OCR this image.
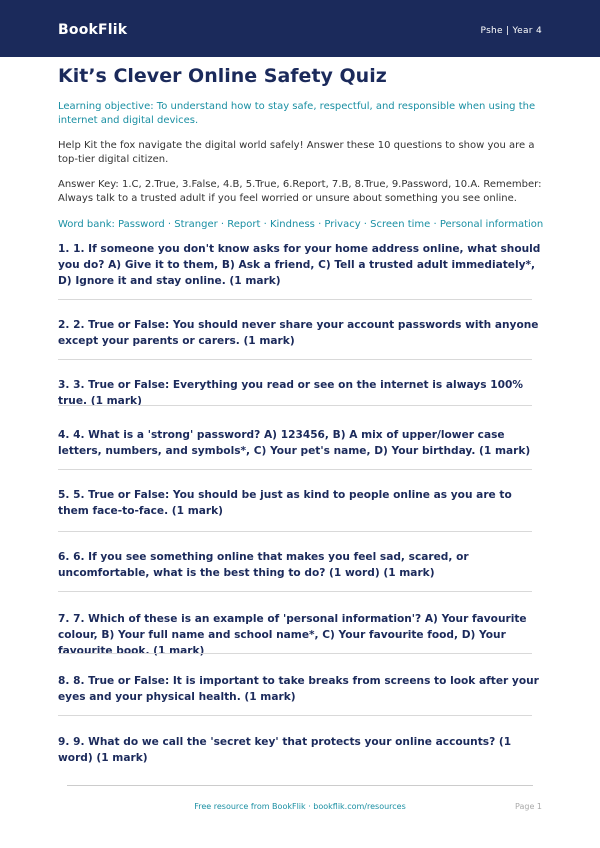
BookFlik	Pshe | Year 4
Kit’s Clever Online Safety Quiz
Learning objective: To understand how to stay safe, respectful, and responsible when using the internet and digital devices.
Help Kit the fox navigate the digital world safely! Answer these 10 questions to show you are a top-tier digital citizen.
Answer Key: 1.C, 2.True, 3.False, 4.B, 5.True, 6.Report, 7.B, 8.True, 9.Password, 10.A. Remember: Always talk to a trusted adult if you feel worried or unsure about something you see online.
Word bank: Password · Stranger · Report · Kindness · Privacy · Screen time · Personal information
1. 1. If someone you don't know asks for your home address online, what should you do? A) Give it to them, B) Ask a friend, C) Tell a trusted adult immediately*, D) Ignore it and stay online. (1 mark)
2. 2. True or False: You should never share your account passwords with anyone except your parents or carers. (1 mark)
3. 3. True or False: Everything you read or see on the internet is always 100% true. (1 mark)
4. 4. What is a 'strong' password? A) 123456, B) A mix of upper/lower case letters, numbers, and symbols*, C) Your pet's name, D) Your birthday. (1 mark)
5. 5. True or False: You should be just as kind to people online as you are to them face-to-face. (1 mark)
6. 6. If you see something online that makes you feel sad, scared, or uncomfortable, what is the best thing to do? (1 word) (1 mark)
7. 7. Which of these is an example of 'personal information'? A) Your favourite colour, B) Your full name and school name*, C) Your favourite food, D) Your favourite book. (1 mark)
8. 8. True or False: It is important to take breaks from screens to look after your eyes and your physical health. (1 mark)
9. 9. What do we call the 'secret key' that protects your online accounts? (1 word) (1 mark)
Free resource from BookFlik · bookflik.com/resources	Page 1
